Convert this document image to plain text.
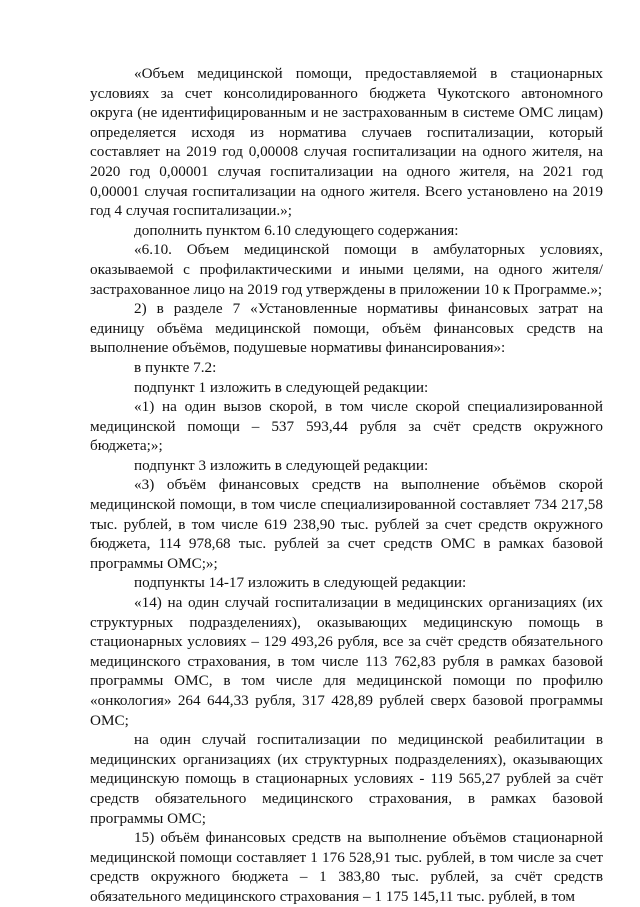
«Объем медицинской помощи, предоставляемой в стационарных условиях за счет консолидированного бюджета Чукотского автономного округа (не идентифицированным и не застрахованным в системе ОМС лицам) определяется исходя из норматива случаев госпитализации, который составляет на 2019 год 0,00008 случая госпитализации на одного жителя, на 2020 год 0,00001 случая госпитализации на одного жителя, на 2021 год 0,00001 случая госпитализации на одного жителя. Всего установлено на 2019 год 4 случая госпитализации.»;

дополнить пунктом 6.10 следующего содержания:

«6.10. Объем медицинской помощи в амбулаторных условиях, оказываемой с профилактическими и иными целями, на одного жителя/застрахованное лицо на 2019 год утверждены в приложении 10 к Программе.»;

2) в разделе 7 «Установленные нормативы финансовых затрат на единицу объёма медицинской помощи, объём финансовых средств на выполнение объёмов, подушевые нормативы финансирования»:

в пункте 7.2:

подпункт 1 изложить в следующей редакции:

«1) на один вызов скорой, в том числе скорой специализированной медицинской помощи – 537 593,44 рубля за счёт средств окружного бюджета;»;

подпункт 3 изложить в следующей редакции:

«3) объём финансовых средств на выполнение объёмов скорой медицинской помощи, в том числе специализированной составляет 734 217,58 тыс. рублей, в том числе 619 238,90 тыс. рублей за счет средств окружного бюджета, 114 978,68 тыс. рублей за счет средств ОМС в рамках базовой программы ОМС;»;

подпункты 14-17 изложить в следующей редакции:

«14) на один случай госпитализации в медицинских организациях (их структурных подразделениях), оказывающих медицинскую помощь в стационарных условиях – 129 493,26 рубля, все за счёт средств обязательного медицинского страхования, в том числе 113 762,83 рубля в рамках базовой программы ОМС, в том числе для медицинской помощи по профилю «онкология» 264 644,33 рубля, 317 428,89 рублей сверх базовой программы ОМС;

на один случай госпитализации по медицинской реабилитации в медицинских организациях (их структурных подразделениях), оказывающих медицинскую помощь в стационарных условиях - 119 565,27 рублей за счёт средств обязательного медицинского страхования, в рамках базовой программы ОМС;

15) объём финансовых средств на выполнение объёмов стационарной медицинской помощи составляет 1 176 528,91 тыс. рублей, в том числе за счет средств окружного бюджета – 1 383,80 тыс. рублей, за счёт средств обязательного медицинского страхования – 1 175 145,11 тыс. рублей, в том
